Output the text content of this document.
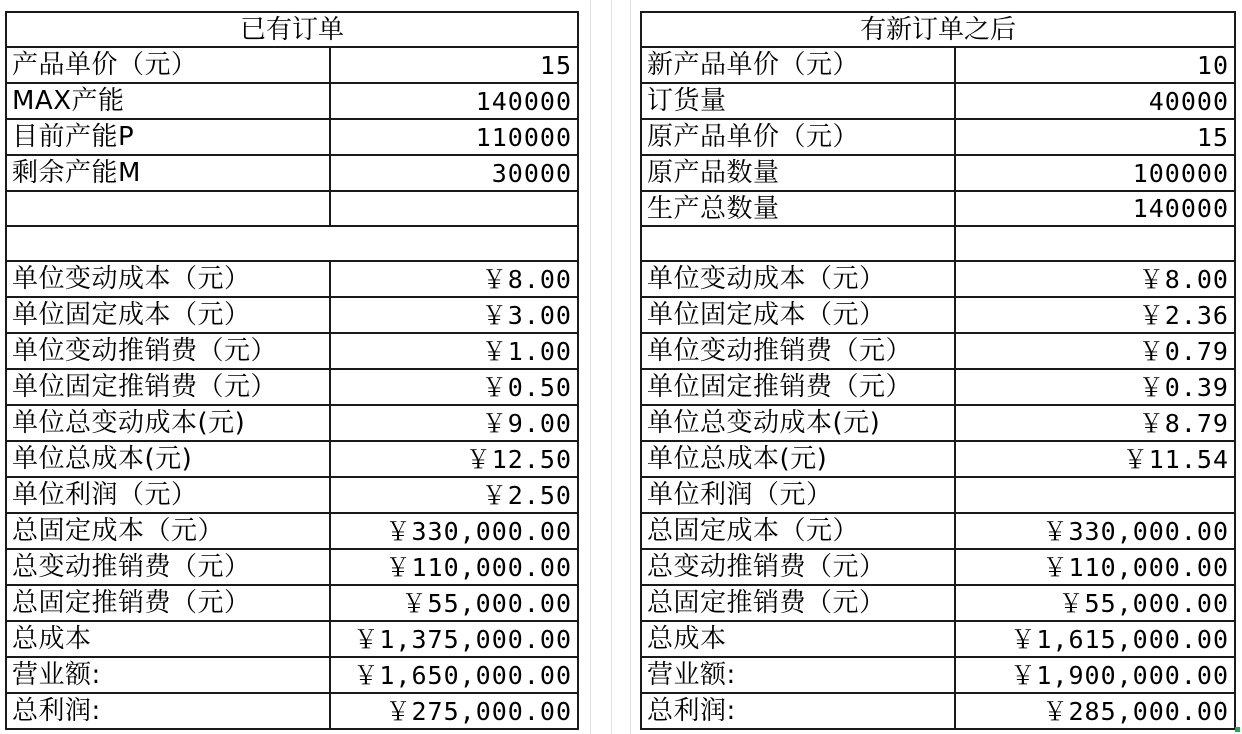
已有订单
产品单价（元）	15
MAX产能	140000
目前产能P	110000
剩余产能M	30000
单位变动成本（元）	￥8.00
单位固定成本（元）	￥3.00
单位变动推销费（元）	￥1.00
单位固定推销费（元）	￥0.50
单位总变动成本(元)	￥9.00
单位总成本(元)	￥12.50
单位利润（元）	￥2.50
总固定成本（元）	￥330,000.00
总变动推销费（元）	￥110,000.00
总固定推销费（元）	￥55,000.00
总成本	￥1,375,000.00
营业额:	￥1,650,000.00
总利润:	￥275,000.00
有新订单之后
新产品单价（元）	10
订货量	40000
原产品单价（元）	15
原产品数量	100000
生产总数量	140000
单位变动成本（元）	￥8.00
单位固定成本（元）	￥2.36
单位变动推销费（元）	￥0.79
单位固定推销费（元）	￥0.39
单位总变动成本(元)	￥8.79
单位总成本(元)	￥11.54
单位利润（元）
总固定成本（元）	￥330,000.00
总变动推销费（元）	￥110,000.00
总固定推销费（元）	￥55,000.00
总成本	￥1,615,000.00
营业额:	￥1,900,000.00
总利润:	￥285,000.00
